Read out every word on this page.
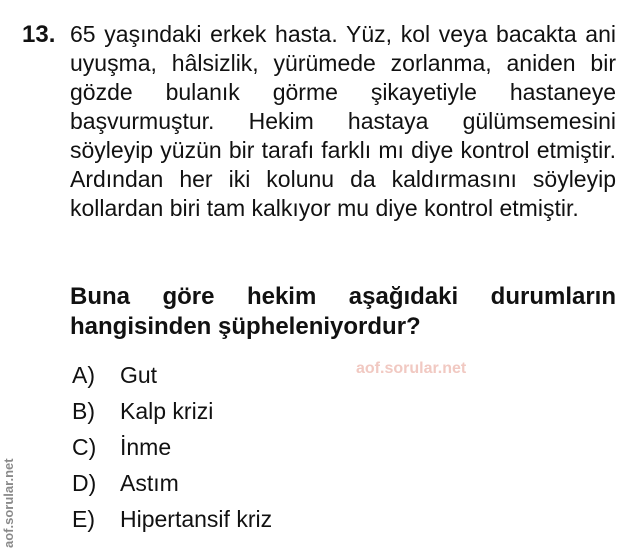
13. 65 yaşındaki erkek hasta. Yüz, kol veya bacakta ani uyuşma, hâlsizlik, yürümede zorlanma, aniden bir gözde bulanık görme şikayetiyle hastaneye başvurmuştur. Hekim hastaya gülümsemesini söyleyip yüzün bir tarafı farklı mı diye kontrol etmiştir. Ardından her iki kolunu da kaldırmasını söyleyip kollardan biri tam kalkıyor mu diye kontrol etmiştir.

Buna göre hekim aşağıdaki durumların hangisinden şüpheleniyordur?

A)	Gut
B)	Kalp krizi
C)	İnme
D)	Astım
E)	Hipertansif kriz
aof.sorular.net
aof.sorular.net
